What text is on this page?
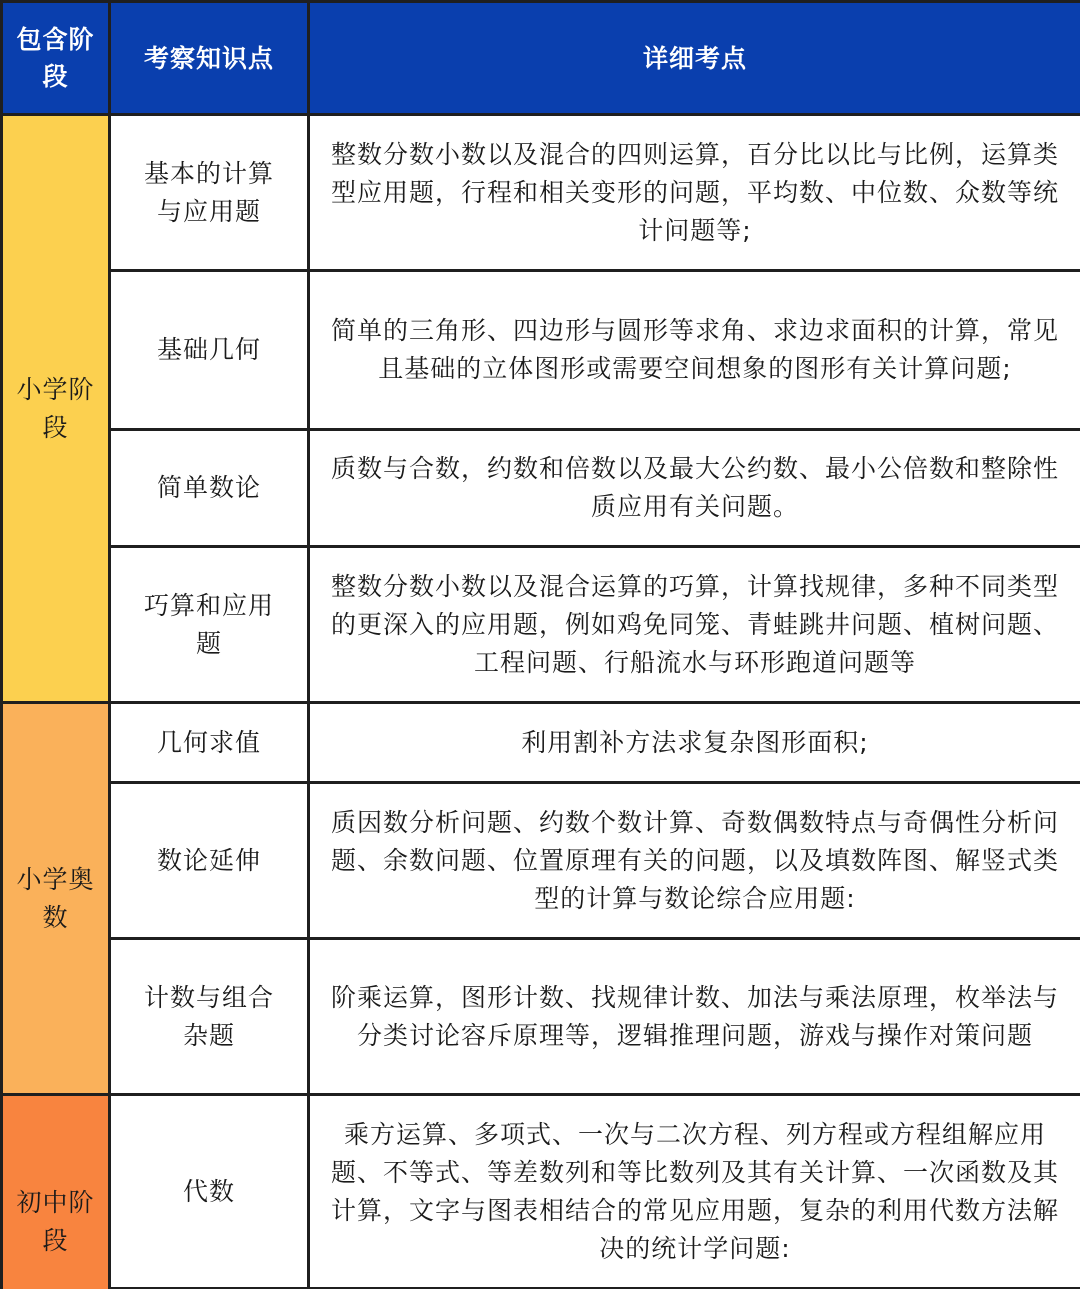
包含阶段	考察知识点	详细考点
小学阶段	基本的计算与应用题	整数分数小数以及混合的四则运算，百分比以比与比例，运算类型应用题，行程和相关变形的问题，平均数、中位数、众数等统计问题等;
	基础几何	简单的三角形、四边形与圆形等求角、求边求面积的计算，常见且基础的立体图形或需要空间想象的图形有关计算问题;
	简单数论	质数与合数，约数和倍数以及最大公约数、最小公倍数和整除性质应用有关问题。
	巧算和应用题	整数分数小数以及混合运算的巧算，计算找规律，多种不同类型的更深入的应用题，例如鸡免同笼、青蛙跳井问题、植树问题、工程问题、行船流水与环形跑道问题等
小学奥数	几何求值	利用割补方法求复杂图形面积;
	数论延伸	质因数分析问题、约数个数计算、奇数偶数特点与奇偶性分析问题、余数问题、位置原理有关的问题，以及填数阵图、解竖式类型的计算与数论综合应用题:
	计数与组合杂题	阶乘运算，图形计数、找规律计数、加法与乘法原理，枚举法与分类讨论容斥原理等，逻辑推理问题，游戏与操作对策问题

初中阶段	代数	乘方运算、多项式、一次与二次方程、列方程或方程组解应用题、不等式、等差数列和等比数列及其有关计算、一次函数及其计算，文字与图表相结合的常见应用题，复杂的利用代数方法解决的统计学问题:
